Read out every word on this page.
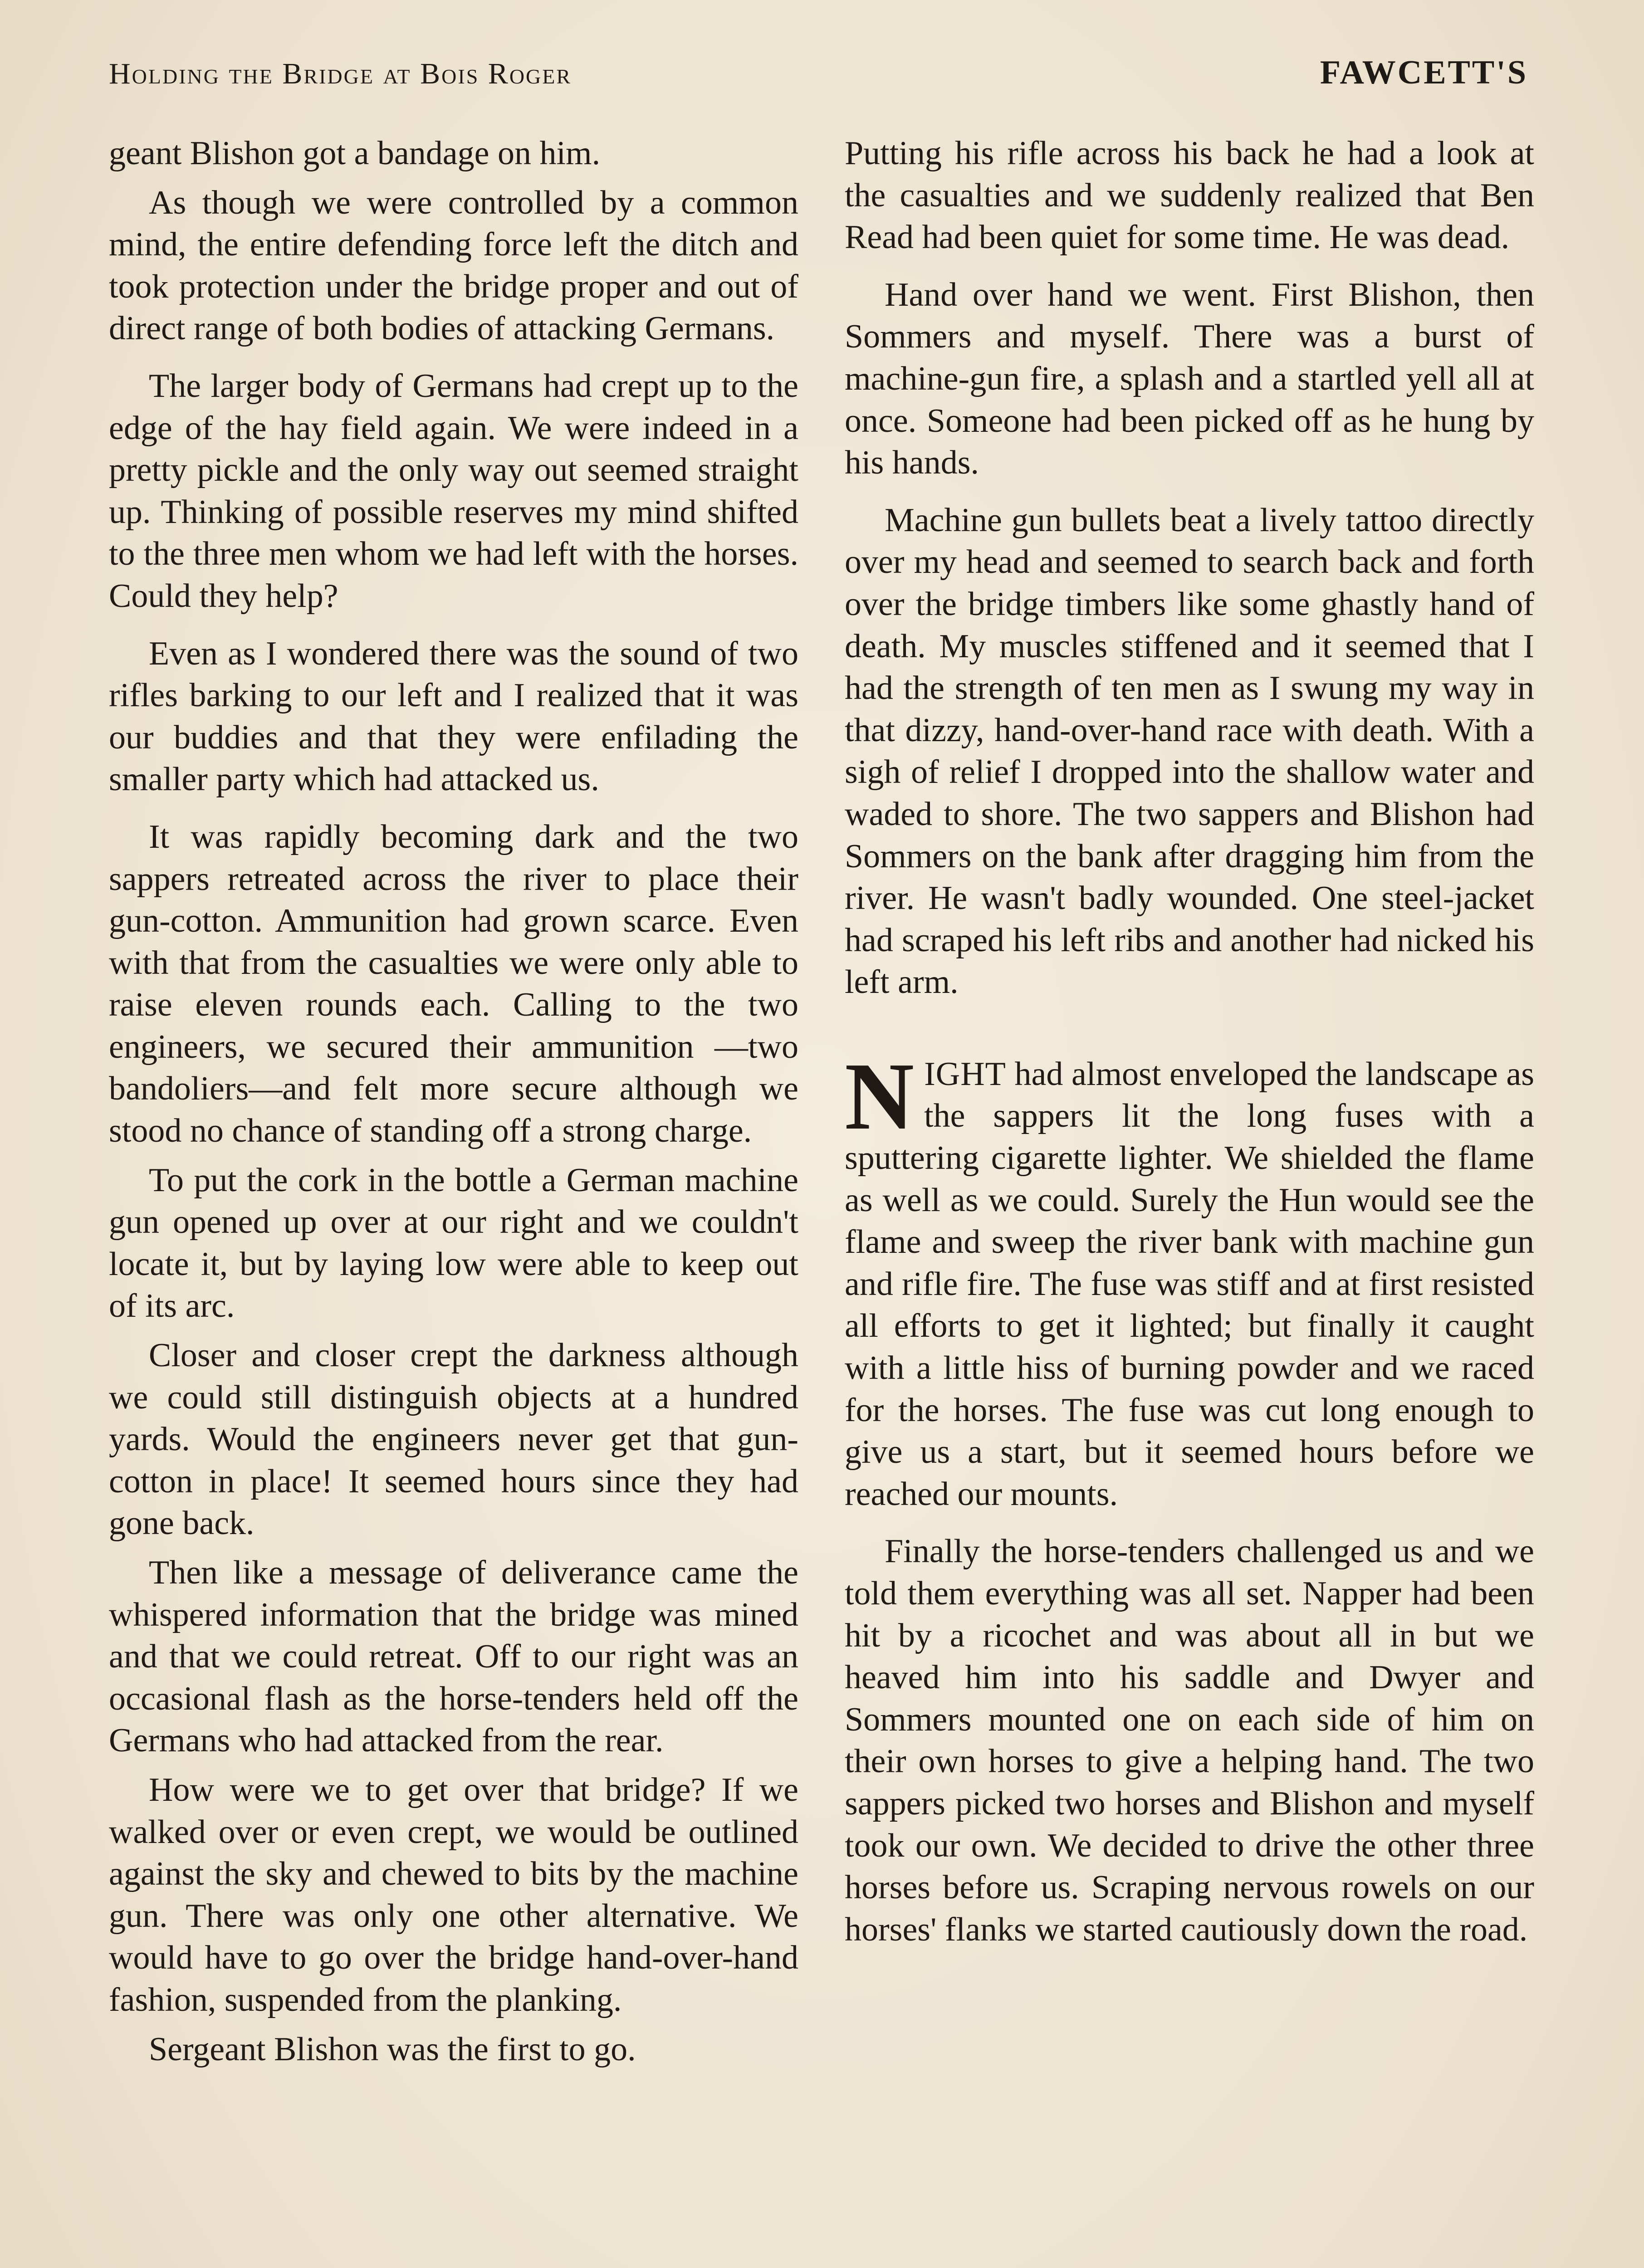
Holding the Bridge at Bois Roger	FAWCETT'S

geant Blishon got a bandage on him.

As though we were controlled by a common mind, the entire defending force left the ditch and took protection under the bridge proper and out of direct range of both bodies of attacking Germans.

The larger body of Germans had crept up to the edge of the hay field again. We were indeed in a pretty pickle and the only way out seemed straight up. Thinking of possible reserves my mind shifted to the three men whom we had left with the horses. Could they help?

Even as I wondered there was the sound of two rifles barking to our left and I realized that it was our buddies and that they were enfilading the smaller party which had attacked us.

It was rapidly becoming dark and the two sappers retreated across the river to place their gun-cotton. Ammunition had grown scarce. Even with that from the casualties we were only able to raise eleven rounds each. Calling to the two engineers, we secured their ammunition —two bandoliers—and felt more secure although we stood no chance of standing off a strong charge.

To put the cork in the bottle a German machine gun opened up over at our right and we couldn't locate it, but by laying low were able to keep out of its arc.

Closer and closer crept the darkness although we could still distinguish objects at a hundred yards. Would the engineers never get that gun-cotton in place! It seemed hours since they had gone back.

Then like a message of deliverance came the whispered information that the bridge was mined and that we could retreat. Off to our right was an occasional flash as the horse-tenders held off the Germans who had attacked from the rear.

How were we to get over that bridge? If we walked over or even crept, we would be outlined against the sky and chewed to bits by the machine gun. There was only one other alternative. We would have to go over the bridge hand-over-hand fashion, suspended from the planking.

Sergeant Blishon was the first to go.

Putting his rifle across his back he had a look at the casualties and we suddenly realized that Ben Read had been quiet for some time. He was dead.

Hand over hand we went. First Blishon, then Sommers and myself. There was a burst of machine-gun fire, a splash and a startled yell all at once. Someone had been picked off as he hung by his hands.

Machine gun bullets beat a lively tattoo directly over my head and seemed to search back and forth over the bridge timbers like some ghastly hand of death. My muscles stiffened and it seemed that I had the strength of ten men as I swung my way in that dizzy, hand-over-hand race with death. With a sigh of relief I dropped into the shallow water and waded to shore. The two sappers and Blishon had Sommers on the bank after dragging him from the river. He wasn't badly wounded. One steel-jacket had scraped his left ribs and another had nicked his left arm.

NIGHT had almost enveloped the landscape as the sappers lit the long fuses with a sputtering cigarette lighter. We shielded the flame as well as we could. Surely the Hun would see the flame and sweep the river bank with machine gun and rifle fire. The fuse was stiff and at first resisted all efforts to get it lighted; but finally it caught with a little hiss of burning powder and we raced for the horses. The fuse was cut long enough to give us a start, but it seemed hours before we reached our mounts.

Finally the horse-tenders challenged us and we told them everything was all set. Napper had been hit by a ricochet and was about all in but we heaved him into his saddle and Dwyer and Sommers mounted one on each side of him on their own horses to give a helping hand. The two sappers picked two horses and Blishon and myself took our own. We decided to drive the other three horses before us. Scraping nervous rowels on our horses' flanks we started cautiously down the road.
